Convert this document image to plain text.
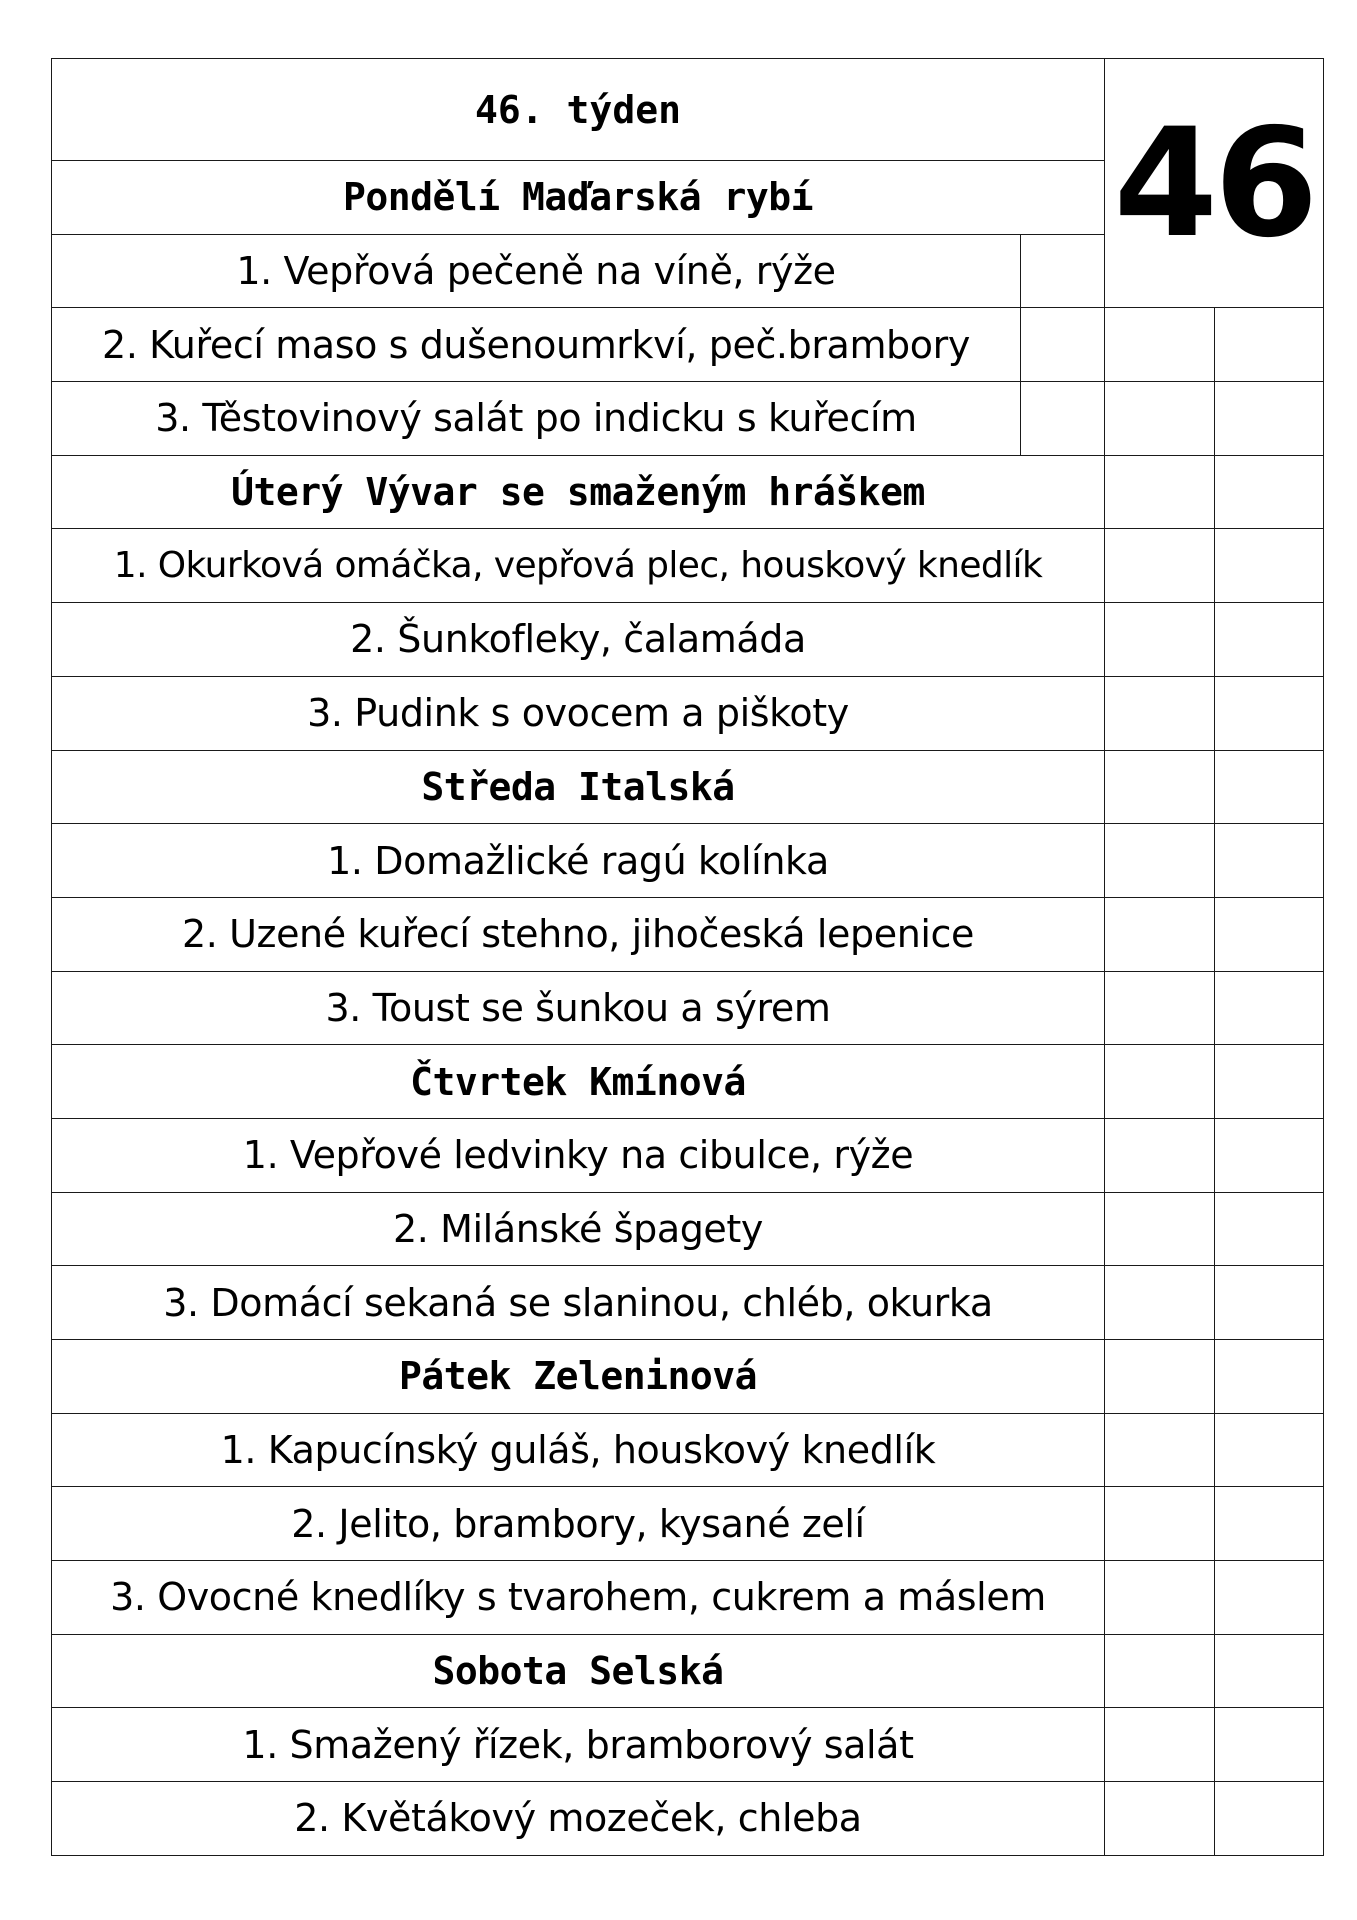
46. týden		46	
Pondělí Maďarská rybí			
1. Vepřová pečeně na víně, rýže			
2. Kuřecí maso s dušenoumrkví, peč.brambory			
3. Těstovinový salát po indicku s kuřecím			
Úterý Vývar se smaženým hráškem			
1. Okurková omáčka, vepřová plec, houskový knedlík			
2. Šunkofleky, čalamáda			
3. Pudink s ovocem a piškoty			
Středa Italská			
1. Domažlické ragú kolínka			
2. Uzené kuřecí stehno, jihočeská lepenice			
3. Toust se šunkou a sýrem			
Čtvrtek Kmínová			
1. Vepřové ledvinky na cibulce, rýže			
2. Milánské špagety			
3. Domácí sekaná se slaninou, chléb, okurka			
Pátek Zeleninová			
1. Kapucínský guláš, houskový knedlík			
2. Jelito, brambory, kysané zelí			
3. Ovocné knedlíky s tvarohem, cukrem a máslem			
Sobota Selská			
1. Smažený řízek, bramborový salát			
2. Květákový mozeček, chleba			
